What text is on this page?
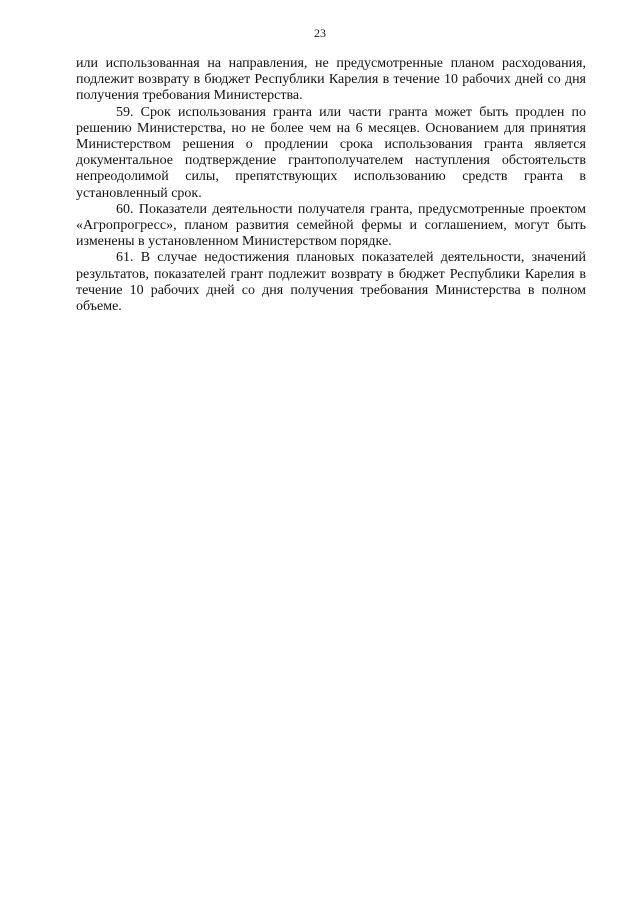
23

или использованная на направления, не предусмотренные планом расходования, подлежит возврату в бюджет Республики Карелия в течение 10 рабочих дней со дня получения требования Министерства.

59. Срок использования гранта или части гранта может быть продлен по решению Министерства, но не более чем на 6 месяцев. Основанием для принятия Министерством решения о продлении срока использования гранта является документальное подтверждение грантополучателем наступления обстоятельств непреодолимой силы, препятствующих использованию средств гранта в установленный срок.

60. Показатели деятельности получателя гранта, предусмотренные проектом «Агропрогресс», планом развития семейной фермы и соглашением, могут быть изменены в установленном Министерством порядке.

61. В случае недостижения плановых показателей деятельности, значений результатов, показателей грант подлежит возврату в бюджет Республики Карелия в течение 10 рабочих дней со дня получения требования Министерства в полном объеме.
